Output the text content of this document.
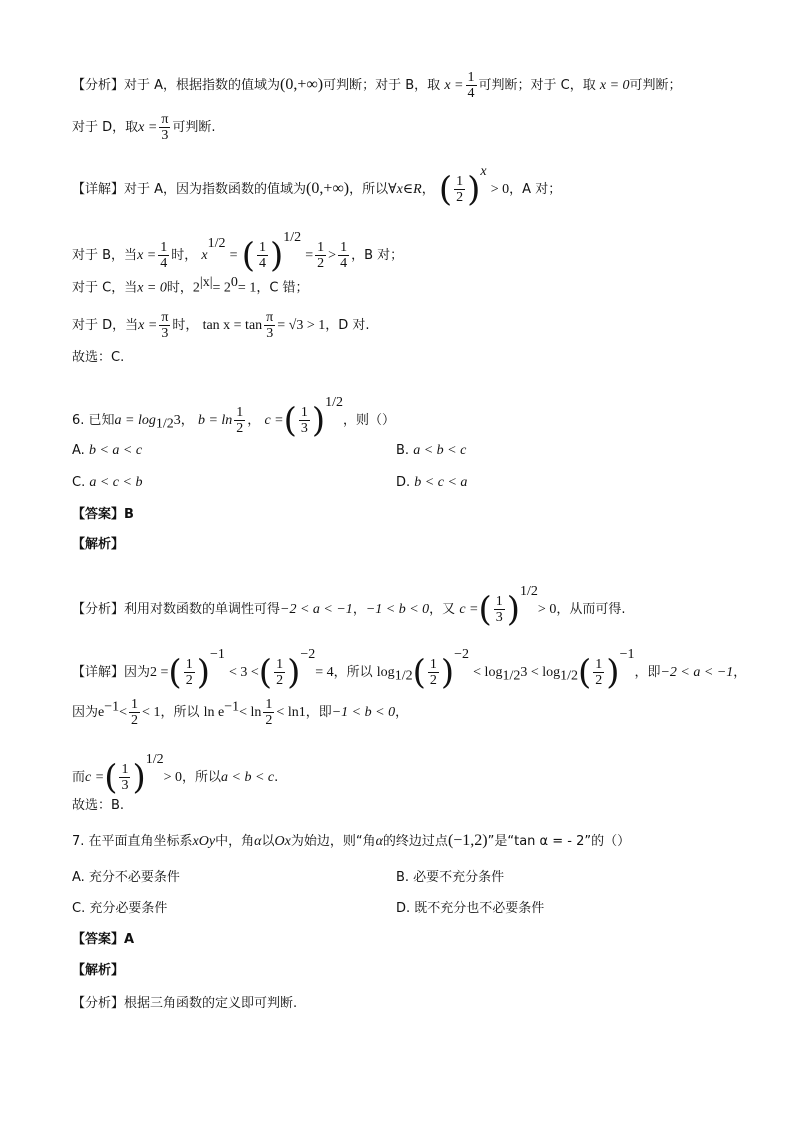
【分析】对于 A，根据指数的值域为(0,+∞)可判断；对于 B，取 $x = \frac{1}{4}$ 可判断；对于 C，取 x = 0可判断；
对于 D，取$x = \frac{\pi}{3}$ 可判断.
【详解】对于 A，因为指数函数的值域为(0,+∞)，所以∀x∈R， ( $\frac{1}{2} )^x > 0$，A 对；
对于 B，当$x = \frac{1}{4}$ 时， $x^{1/2}$ = ( $\frac{1}{4} )^{1/2} = \frac{1}{2} > \frac{1}{4}$ ，B 对；
对于 C，当x = 0时，$2^{|x|}= 2^0= 1$，C 错；
对于 D，当$x = \frac{\pi}{3}$ 时， $\tan x = \tan \frac{\pi}{3} = √3 > 1$，D 对.
故选：C.
6. 已知$a = \log_{1/2}3$， $b = \ln \frac{1}{2}$ ， c =( $\frac{1}{3} )^{1/2}$，则（）
A. b < a < c	B. a < b < c
C. a < c < b	D. b < c < a
【答案】B
【解析】
【分析】利用对数函数的单调性可得−2 < a < −1，−1 < b < 0，又 c =( $\frac{1}{3} )^{1/2}> 0$，从而可得.
【详解】因为2 =( $\frac{1}{2} )^{-1} < 3$ <( $\frac{1}{2} )^{-2}= 4$，所以 $\log_{1/2}( \frac{1}{2} )^{-2} < \log_{1/2}3 < \log_{1/2}( \frac{1}{2} )^{-1}$，即−2 < a < −1，
因为$e^{-1}< \frac{1}{2} < 1$，所以 $\ln e^{-1}< \ln \frac{1}{2} < \ln 1$，即−1 < b < 0，
而c =( $\frac{1}{3} )^{1/2}> 0$，所以a < b < c.
故选：B.
7. 在平面直角坐标系xOy中，角α以Ox为始边，则“角α的终边过点(−1,2)”是“tan α = - 2”的（）
A. 充分不必要条件	B. 必要不充分条件
C. 充分必要条件	D. 既不充分也不必要条件
【答案】A
【解析】
【分析】根据三角函数的定义即可判断.
